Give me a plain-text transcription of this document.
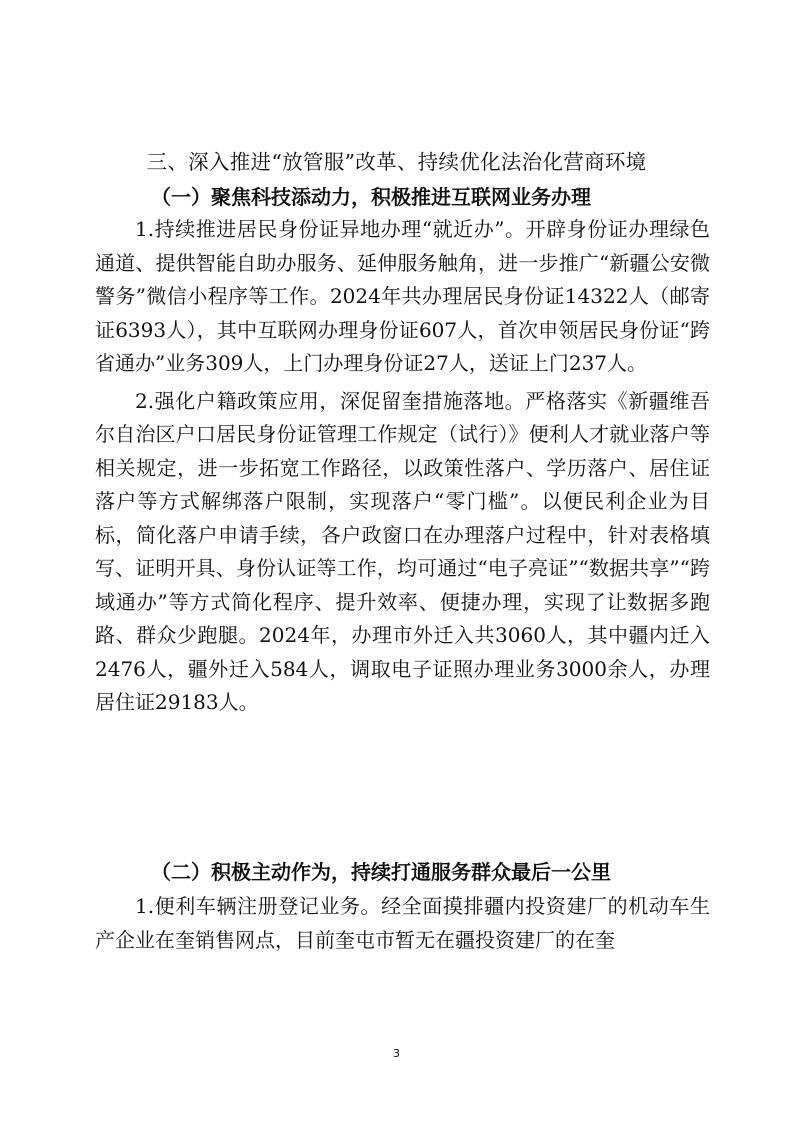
三、深入推进“放管服”改革、持续优化法治化营商环境
（一）聚焦科技添动力，积极推进互联网业务办理

1.持续推进居民身份证异地办理“就近办”。开辟身份证办理绿色通道、提供智能自助办服务、延伸服务触角，进一步推广“新疆公安微警务”微信小程序等工作。2024年共办理居民身份证14322人（邮寄证6393人），其中互联网办理身份证607人，首次申领居民身份证“跨省通办”业务309人，上门办理身份证27人，送证上门237人。

2.强化户籍政策应用，深促留奎措施落地。严格落实《新疆维吾尔自治区户口居民身份证管理工作规定（试行）》便利人才就业落户等相关规定，进一步拓宽工作路径，以政策性落户、学历落户、居住证落户等方式解绑落户限制，实现落户“零门槛”。以便民利企业为目标，简化落户申请手续，各户政窗口在办理落户过程中，针对表格填写、证明开具、身份认证等工作，均可通过“电子亮证”“数据共享”“跨域通办”等方式简化程序、提升效率、便捷办理，实现了让数据多跑路、群众少跑腿。2024年，办理市外迁入共3060人，其中疆内迁入2476人，疆外迁入584人，调取电子证照办理业务3000余人，办理居住证29183人。

（二）积极主动作为，持续打通服务群众最后一公里

1.便利车辆注册登记业务。经全面摸排疆内投资建厂的机动车生产企业在奎销售网点，目前奎屯市暂无在疆投资建厂的在奎

3
